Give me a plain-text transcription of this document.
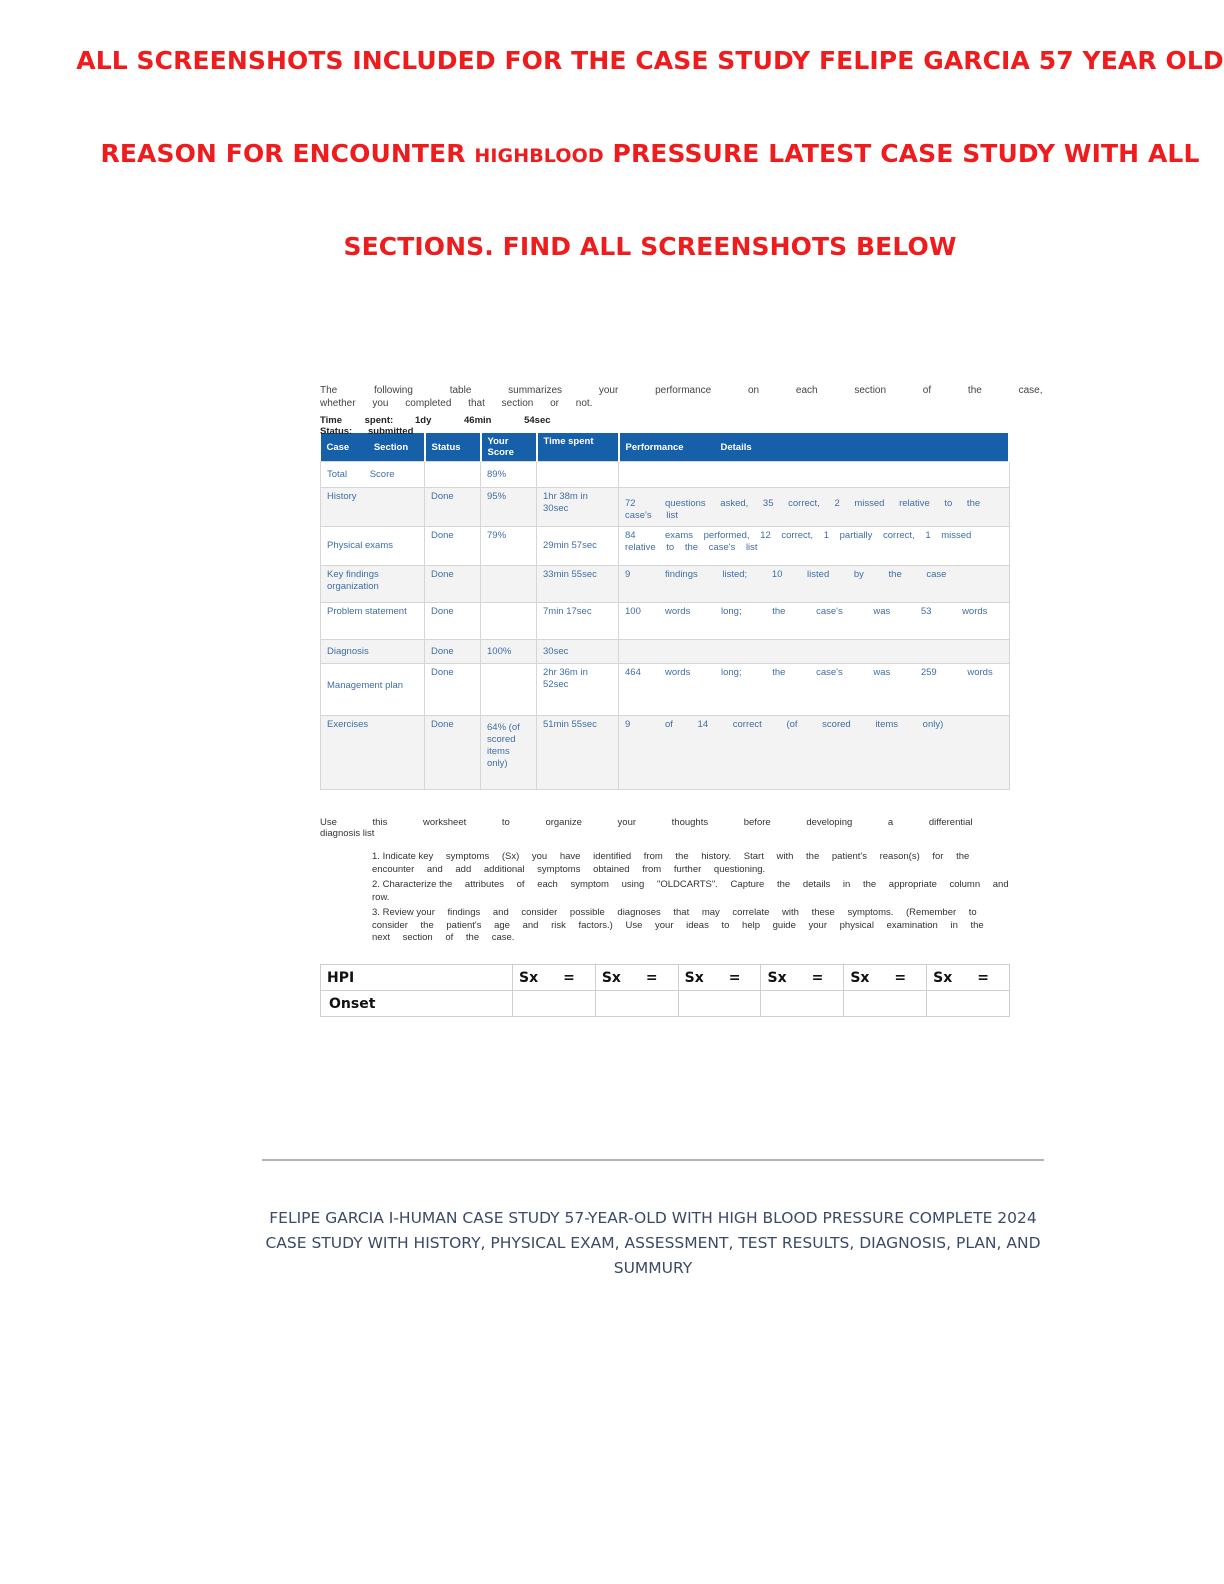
ALL SCREENSHOTS INCLUDED FOR THE CASE STUDY FELIPE GARCIA 57 YEAR OLD
REASON FOR ENCOUNTER HIGHBLOOD PRESSURE LATEST CASE STUDY WITH ALL
SECTIONS. FIND ALL SCREENSHOTS BELOW
The following table summarizes your performance on each section of the case,
whether you completed that section or not.
Time spent: 1dy 46min 54sec
Status: submitted
Case Section	Status	Your Score	Time spent	Performance Details
Total Score		89%		
History	Done	95%	1hr 38m in 30sec	72 questions asked, 35 correct, 2 missed relative to the case's list
Physical exams	Done	79%	29min 57sec	84 exams performed, 12 correct, 1 partially correct, 1 missed relative to the case's list
Key findings organization	Done		33min 55sec	9 findings listed; 10 listed by the case
Problem statement	Done		7min 17sec	100 words long; the case's was 53 words
Diagnosis	Done	100%	30sec	
Management plan	Done		2hr 36m in 52sec	464 words long; the case's was 259 words
Exercises	Done	64% (of scored items only)	51min 55sec	9 of 14 correct (of scored items only)
Use this worksheet to organize your thoughts before developing a differential
diagnosis list
1. Indicate key symptoms (Sx) you have identified from the history. Start with the patient's reason(s) for the encounter and add additional symptoms obtained from further questioning.
2. Characterize the attributes of each symptom using "OLDCARTS". Capture the details in the appropriate column and row.
3. Review your findings and consider possible diagnoses that may correlate with these symptoms. (Remember to consider the patient's age and risk factors.) Use your ideas to help guide your physical examination in the next section of the case.
HPI	Sx =	Sx =	Sx =	Sx =	Sx =	Sx =

Onset						
FELIPE GARCIA I-HUMAN CASE STUDY 57-YEAR-OLD WITH HIGH BLOOD PRESSURE COMPLETE 2024 CASE STUDY WITH HISTORY, PHYSICAL EXAM, ASSESSMENT, TEST RESULTS, DIAGNOSIS, PLAN, AND SUMMURY
